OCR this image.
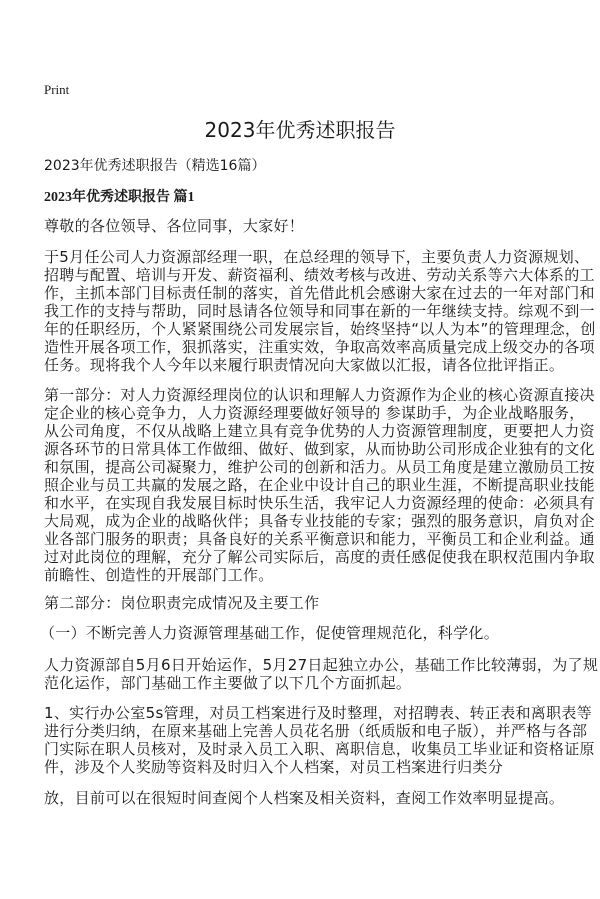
Print
2023年优秀述职报告
2023年优秀述职报告（精选16篇）
2023年优秀述职报告 篇1
尊敬的各位领导、各位同事，大家好！
于5月任公司人力资源部经理一职，在总经理的领导下，主要负责人力资源规划、
招聘与配置、培训与开发、薪资福利、绩效考核与改进、劳动关系等六大体系的工
作，主抓本部门目标责任制的落实，首先借此机会感谢大家在过去的一年对部门和
我工作的支持与帮助，同时恳请各位领导和同事在新的一年继续支持。综观不到一
年的任职经历，个人紧紧围绕公司发展宗旨，始终坚持“以人为本”的管理理念，创
造性开展各项工作，狠抓落实，注重实效，争取高效率高质量完成上级交办的各项
任务。现将我个人今年以来履行职责情况向大家做以汇报，请各位批评指正。
第一部分：对人力资源经理岗位的认识和理解人力资源作为企业的核心资源直接决
定企业的核心竞争力，人力资源经理要做好领导的 参谋助手，为企业战略服务，
从公司角度，不仅从战略上建立具有竞争优势的人力资源管理制度，更要把人力资
源各环节的日常具体工作做细、做好、做到家，从而协助公司形成企业独有的文化
和氛围，提高公司凝聚力，维护公司的创新和活力。从员工角度是建立激励员工按
照企业与员工共赢的发展之路，在企业中设计自己的职业生涯，不断提高职业技能
和水平，在实现自我发展目标时快乐生活，我牢记人力资源经理的使命：必须具有
大局观，成为企业的战略伙伴；具备专业技能的专家；强烈的服务意识，肩负对企
业各部门服务的职责；具备良好的关系平衡意识和能力，平衡员工和企业利益。通
过对此岗位的理解，充分了解公司实际后，高度的责任感促使我在职权范围内争取
前瞻性、创造性的开展部门工作。
第二部分：岗位职责完成情况及主要工作
（一）不断完善人力资源管理基础工作，促使管理规范化，科学化。
人力资源部自5月6日开始运作，5月27日起独立办公，基础工作比较薄弱，为了规
范化运作，部门基础工作主要做了以下几个方面抓起。
1、实行办公室5s管理，对员工档案进行及时整理，对招聘表、转正表和离职表等
进行分类归纳，在原来基础上完善人员花名册（纸质版和电子版），并严格与各部
门实际在职人员核对，及时录入员工入职、离职信息，收集员工毕业证和资格证原
件，涉及个人奖励等资料及时归入个人档案，对员工档案进行归类分
放，目前可以在很短时间查阅个人档案及相关资料，查阅工作效率明显提高。
